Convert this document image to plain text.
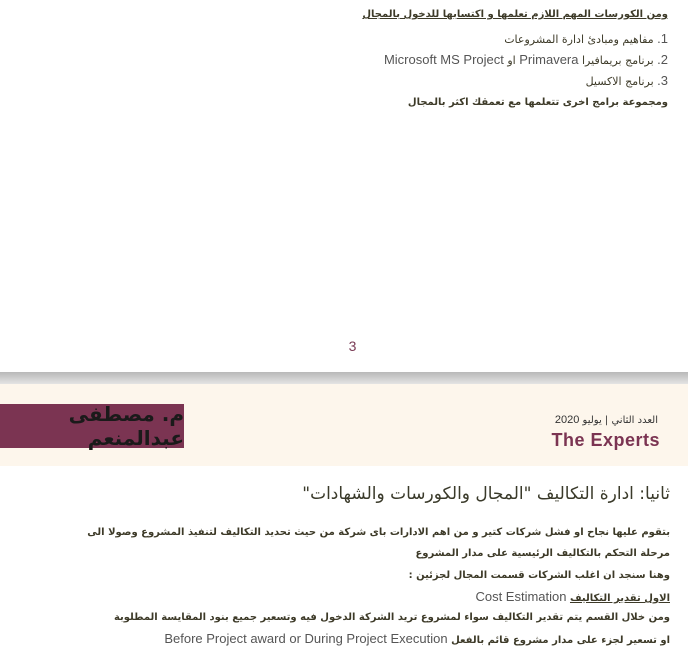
ومن الكورسات المهم اللازم تعلمها و اكتسابها للدخول بالمجال
1. مفاهيم ومبادئ ادارة المشروعات
2. برنامج بريمافيرا Primavera او Microsoft MS Project
3. برنامج الاكسيل
ومجموعة برامج اخرى تتعلمها مع تعمقك اكثر بالمجال
3
م. مصطفى عبدالمنعم
العدد الثاني | يوليو 2020
The Experts
ثانيا: ادارة التكاليف "المجال والكورسات والشهادات"
بتقوم عليها نجاح او فشل شركات كتير و من اهم الادارات باى شركة من حيث تحديد التكاليف لتنفيذ المشروع وصولا الى
مرحلة التحكم بالتكاليف الرئيسية على مدار المشروع
وهنا سنجد ان اغلب الشركات قسمت المجال لجزئين :
الاول تقدير التكاليف Cost Estimation
ومن خلال القسم يتم تقدير التكاليف سواء لمشروع تريد الشركة الدخول فيه وتسعير جميع بنود المقايسة المطلوبة
او تسعير لجزء على مدار مشروع قائم بالفعل Before Project award or During Project Execution
